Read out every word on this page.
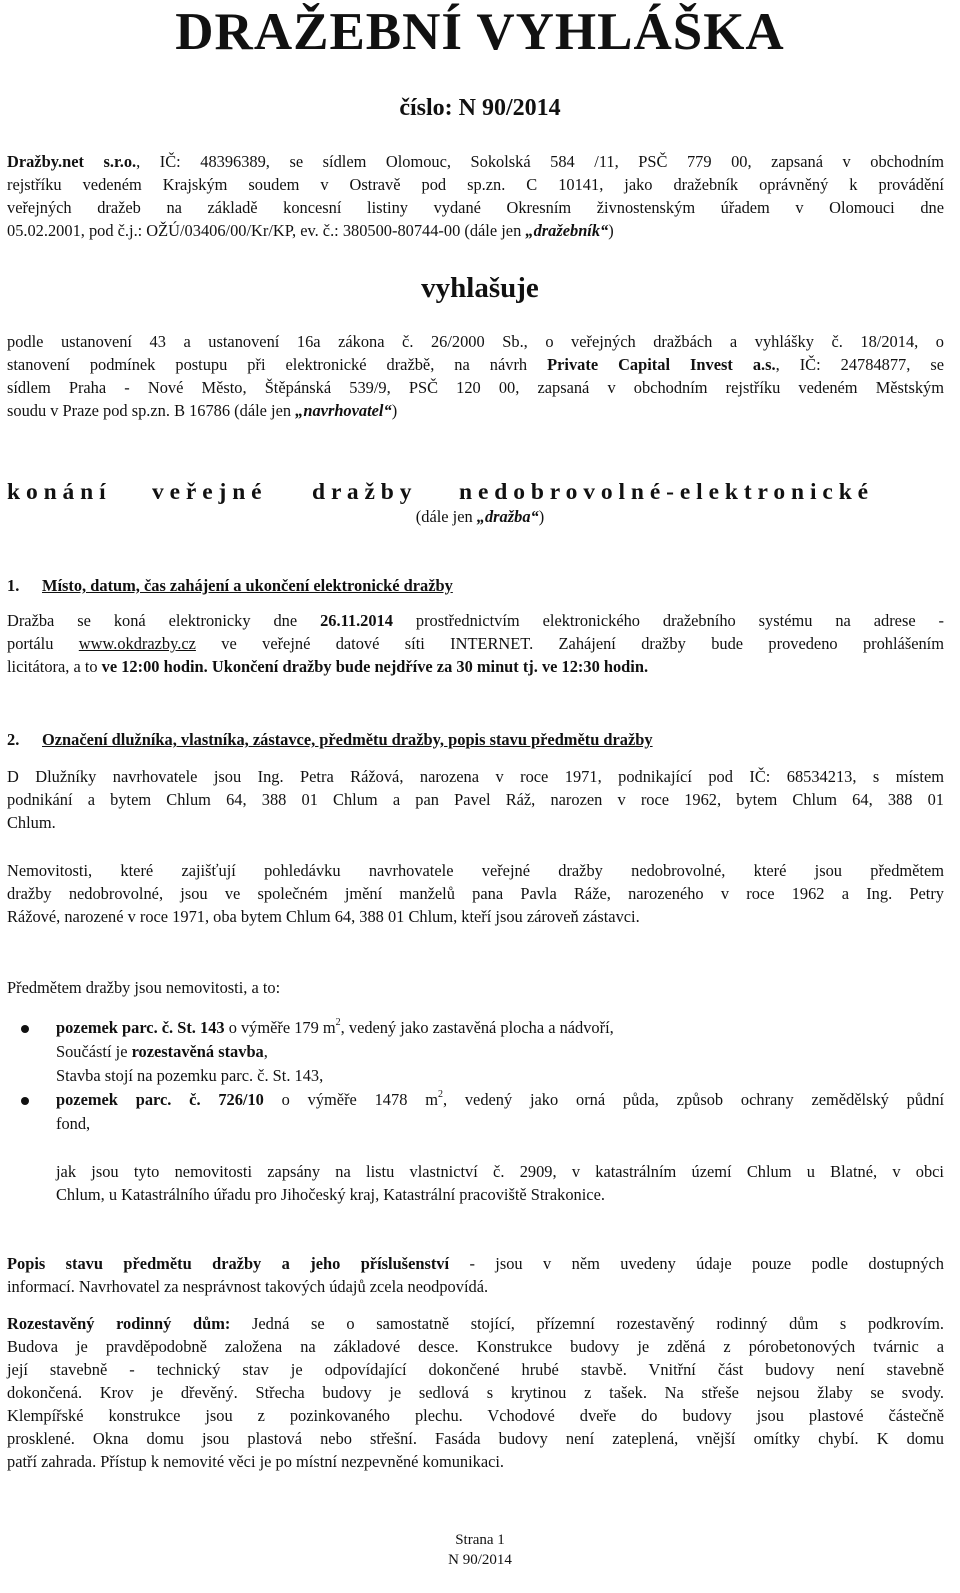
DRAŽEBNÍ VYHLÁŠKA
číslo: N 90/2014
Dražby.net s.r.o., IČ: 48396389, se sídlem Olomouc, Sokolská 584 /11, PSČ 779 00, zapsaná v obchodním
rejstříku vedeném Krajským soudem v Ostravě pod sp.zn. C 10141, jako dražebník oprávněný k provádění
veřejných dražeb na základě koncesní listiny vydané Okresním živnostenským úřadem v Olomouci dne
05.02.2001, pod č.j.: OŽÚ/03406/00/Kr/KP, ev. č.: 380500-80744-00 (dále jen „dražebník“)
vyhlašuje
podle ustanovení 43 a ustanovení 16a zákona č. 26/2000 Sb., o veřejných dražbách a vyhlášky č. 18/2014, o
stanovení podmínek postupu při elektronické dražbě, na návrh Private Capital Invest a.s., IČ: 24784877, se
sídlem Praha - Nové Město, Štěpánská 539/9, PSČ 120 00, zapsaná v obchodním rejstříku vedeném Městským
soudu v Praze pod sp.zn. B 16786 (dále jen „navrhovatel“)
k o n á n í v e ř e j n é d r a ž b y n e d o b r o v o l n é - e l e k t r o n i c k é
(dále jen „dražba“)
1. Místo, datum, čas zahájení a ukončení elektronické dražby
Dražba se koná elektronicky dne 26.11.2014 prostřednictvím elektronického dražebního systému na adrese -
portálu www.okdrazby.cz ve veřejné datové síti INTERNET. Zahájení dražby bude provedeno prohlášením
licitátora, a to ve 12:00 hodin. Ukončení dražby bude nejdříve za 30 minut tj. ve 12:30 hodin.
2. Označení dlužníka, vlastníka, zástavce, předmětu dražby, popis stavu předmětu dražby
D Dlužníky navrhovatele jsou Ing. Petra Rážová, narozena v roce 1971, podnikající pod IČ: 68534213, s místem
podnikání a bytem Chlum 64, 388 01 Chlum a pan Pavel Ráž, narozen v roce 1962, bytem Chlum 64, 388 01
Chlum.
Nemovitosti, které zajišťují pohledávku navrhovatele veřejné dražby nedobrovolné, které jsou předmětem
dražby nedobrovolné, jsou ve společném jmění manželů pana Pavla Ráže, narozeného v roce 1962 a Ing. Petry
Rážové, narozené v roce 1971, oba bytem Chlum 64, 388 01 Chlum, kteří jsou zároveň zástavci.
Předmětem dražby jsou nemovitosti, a to:
pozemek parc. č. St. 143 o výměře 179 $m^2$, vedený jako zastavěná plocha a nádvoří,
Součástí je rozestavěná stavba,
Stavba stojí na pozemku parc. č. St. 143,
pozemek parc. č. 726/10 o výměře 1478 $m^2$, vedený jako orná půda, způsob ochrany zemědělský půdní
fond,
jak jsou tyto nemovitosti zapsány na listu vlastnictví č. 2909, v katastrálním území Chlum u Blatné, v obci
Chlum, u Katastrálního úřadu pro Jihočeský kraj, Katastrální pracoviště Strakonice.
Popis stavu předmětu dražby a jeho příslušenství - jsou v něm uvedeny údaje pouze podle dostupných
informací. Navrhovatel za nesprávnost takových údajů zcela neodpovídá.
Rozestavěný rodinný dům: Jedná se o samostatně stojící, přízemní rozestavěný rodinný dům s podkrovím.
Budova je pravděpodobně založena na základové desce. Konstrukce budovy je zděná z pórobetonových tvárnic a
její stavebně - technický stav je odpovídající dokončené hrubé stavbě. Vnitřní část budovy není stavebně
dokončená. Krov je dřevěný. Střecha budovy je sedlová s krytinou z tašek. Na střeše nejsou žlaby se svody.
Klempířské konstrukce jsou z pozinkovaného plechu. Vchodové dveře do budovy jsou plastové částečně
prosklené. Okna domu jsou plastová nebo střešní. Fasáda budovy není zateplená, vnější omítky chybí. K domu
patří zahrada. Přístup k nemovité věci je po místní nezpevněné komunikaci.
Strana 1
N 90/2014
